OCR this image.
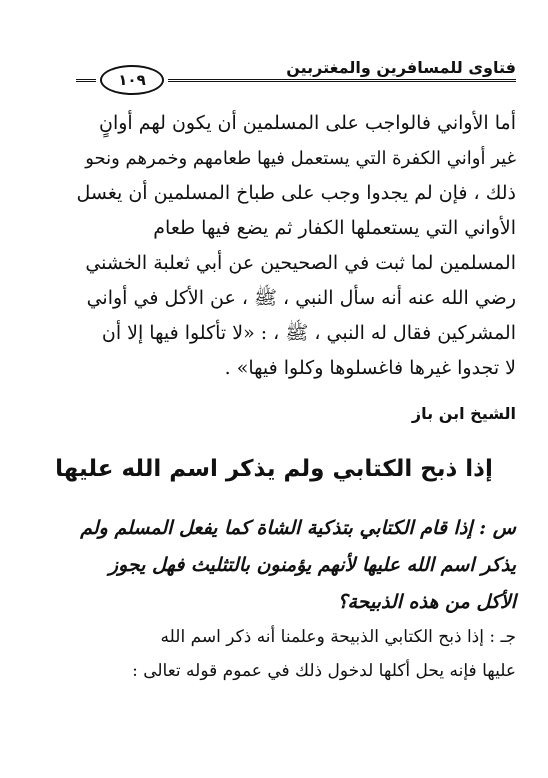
فتاوى للمسافرين والمغتربين
١٠٩
أما الأواني فالواجب على المسلمين أن يكون لهم أوانٍ
غير أواني الكفرة التي يستعمل فيها طعامهم وخمرهم ونحو
ذلك ، فإن لم يجدوا وجب على طباخ المسلمين أن يغسل
الأواني التي يستعملها الكفار ثم يضع فيها طعام
المسلمين لما ثبت في الصحيحين عن أبي ثعلبة الخشني
رضي الله عنه أنه سأل النبي ، ﷺ ، عن الأكل في أواني
المشركين فقال له النبي ، ﷺ ، : «لا تأكلوا فيها إلا أن
لا تجدوا غيرها فاغسلوها وكلوا فيها» .

الشيخ ابن باز

إذا ذبح الكتابي ولم يذكر اسم الله عليها
س : إذا قام الكتابي بتذكية الشاة كما يفعل المسلم ولم
يذكر اسم الله عليها لأنهم يؤمنون بالتثليث فهل يجوز
الأكل من هذه الذبيحة؟
جـ : إذا ذبح الكتابي الذبيحة وعلمنا أنه ذكر اسم الله
عليها فإنه يحل أكلها لدخول ذلك في عموم قوله تعالى :
